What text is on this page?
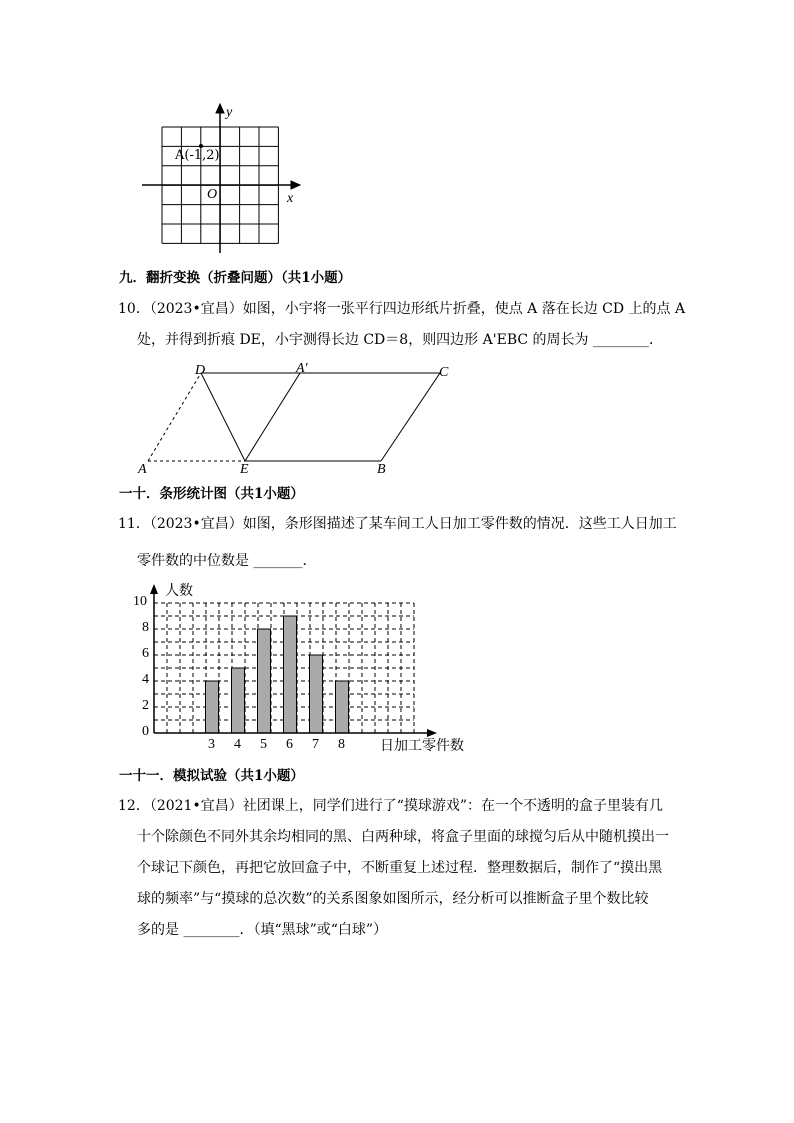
y
A(-1,2)
O	x
九．翻折变换（折叠问题）（共1小题）
10．（2023•宜昌）如图，小宇将一张平行四边形纸片折叠，使点 A 落在长边 CD 上的点 A
处，并得到折痕 DE，小宇测得长边 CD＝8，则四边形 A'EBC 的周长为 ________．
D	A′	C
A	E	B
一十．条形统计图（共1小题）
11．（2023•宜昌）如图，条形图描述了某车间工人日加工零件数的情况．这些工人日加工
零件数的中位数是 _______．
人数
日加工零件数
3 4 5 6 7 8
0
2
4
6
8
10
一十一．模拟试验（共1小题）
12．（2021•宜昌）社团课上，同学们进行了“摸球游戏”：在一个不透明的盒子里装有几
十个除颜色不同外其余均相同的黑、白两种球，将盒子里面的球搅匀后从中随机摸出一
个球记下颜色，再把它放回盒子中，不断重复上述过程．整理数据后，制作了“摸出黑
球的频率”与“摸球的总次数”的关系图象如图所示，经分析可以推断盒子里个数比较
多的是 ________．（填“黑球”或“白球”）
